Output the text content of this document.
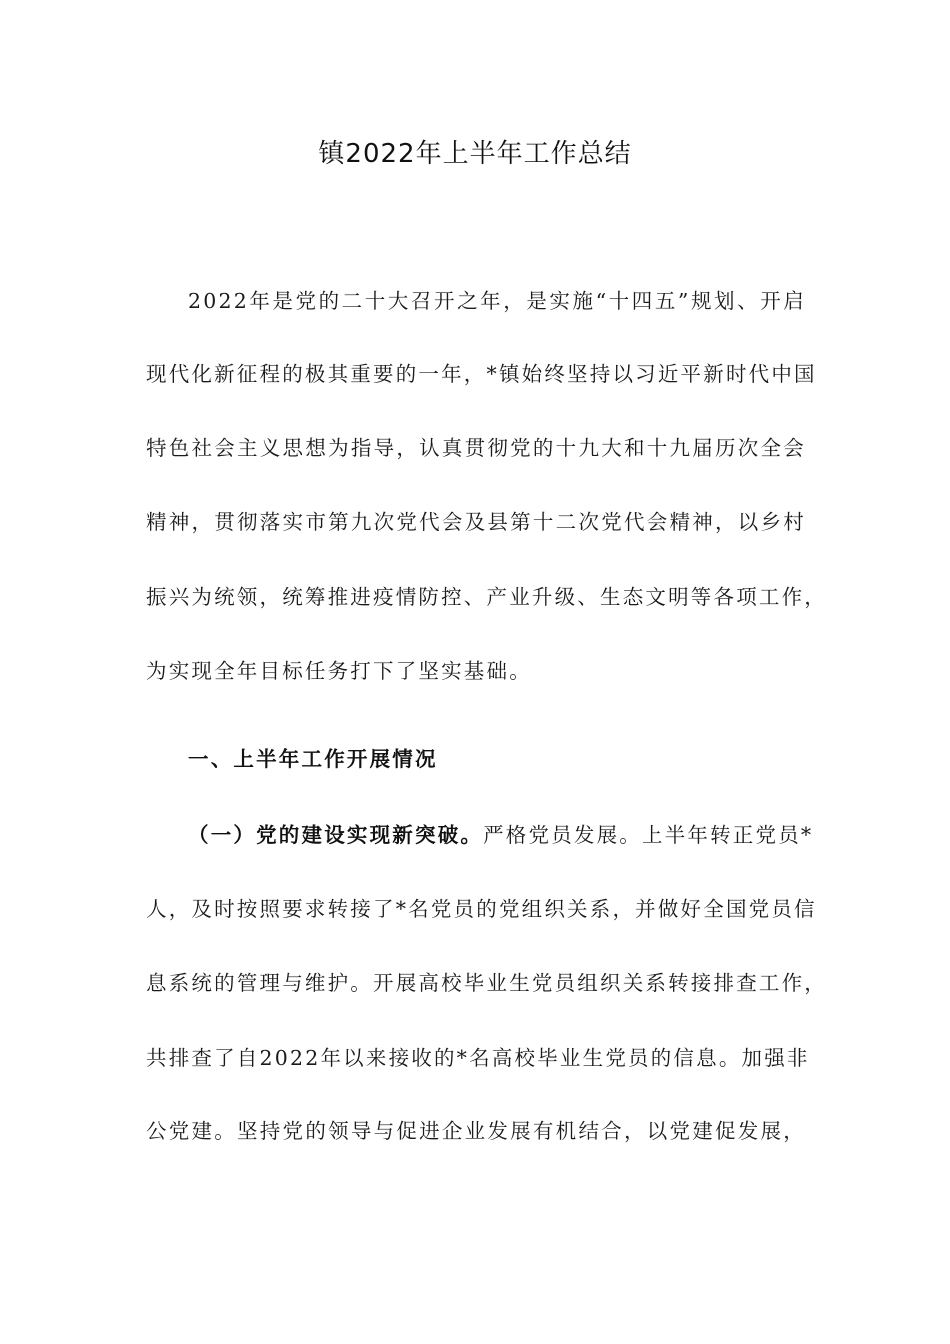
镇2022年上半年工作总结
2022年是党的二十大召开之年，是实施“十四五”规划、开启
现代化新征程的极其重要的一年，*镇始终坚持以习近平新时代中国
特色社会主义思想为指导，认真贯彻党的十九大和十九届历次全会
精神，贯彻落实市第九次党代会及县第十二次党代会精神，以乡村
振兴为统领，统筹推进疫情防控、产业升级、生态文明等各项工作，
为实现全年目标任务打下了坚实基础。
一、上半年工作开展情况
（一）党的建设实现新突破。严格党员发展。上半年转正党员*
人，及时按照要求转接了*名党员的党组织关系，并做好全国党员信
息系统的管理与维护。开展高校毕业生党员组织关系转接排查工作，
共排查了自2022年以来接收的*名高校毕业生党员的信息。加强非
公党建。坚持党的领导与促进企业发展有机结合，以党建促发展，
